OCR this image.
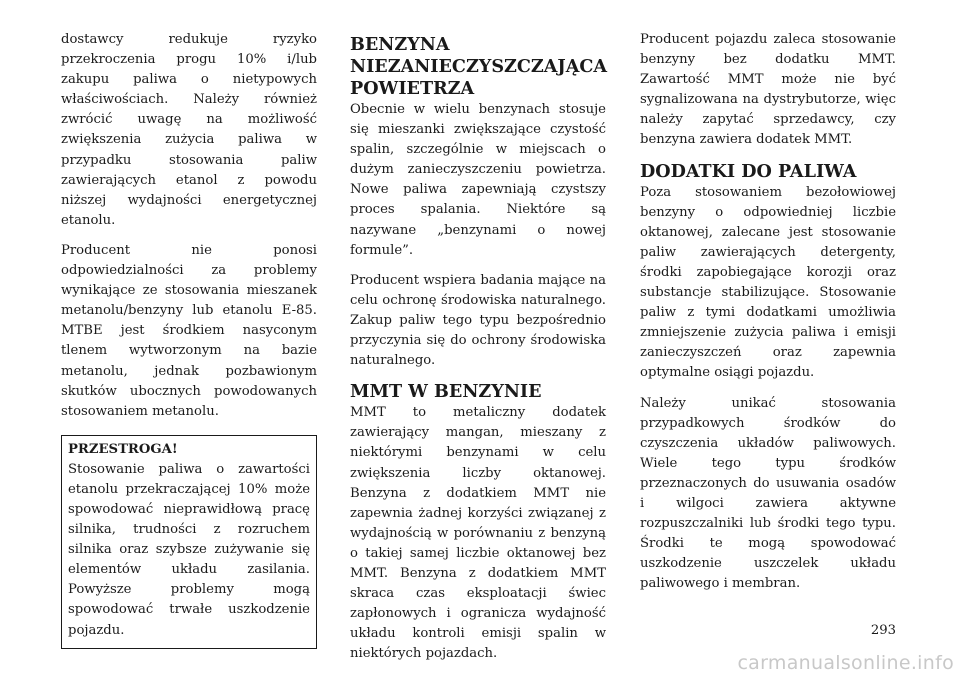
dostawcy redukuje ryzyko przekroczenia progu 10% i/lub zakupu paliwa o nietypowych właściwościach. Należy również zwrócić uwagę na możliwość zwiększenia zużycia paliwa w przypadku stosowania paliw zawierających etanol z powodu niższej wydajności energetycznej etanolu.

Producent nie ponosi odpowiedzialności za problemy wynikające ze stosowania mieszanek metanolu/benzyny lub etanolu E-85. MTBE jest środkiem nasyconym tlenem wytworzonym na bazie metanolu, jednak pozbawionym skutków ubocznych powodowanych stosowaniem metanolu.

PRZESTROGA!

Stosowanie paliwa o zawartości etanolu przekraczającej 10% może spowodować nieprawidłową pracę silnika, trudności z rozruchem silnika oraz szybsze zużywanie się elementów układu zasilania. Powyższe problemy mogą spowodować trwałe uszkodzenie pojazdu.

BENZYNA NIEZANIECZYSZCZAJĄCA POWIETRZA

Obecnie w wielu benzynach stosuje się mieszanki zwiększające czystość spalin, szczególnie w miejscach o dużym zanieczyszczeniu powietrza. Nowe paliwa zapewniają czystszy proces spalania. Niektóre są nazywane „benzynami o nowej formule”.

Producent wspiera badania mające na celu ochronę środowiska naturalnego. Zakup paliw tego typu bezpośrednio przyczynia się do ochrony środowiska naturalnego.

MMT W BENZYNIE

MMT to metaliczny dodatek zawierający mangan, mieszany z niektórymi benzynami w celu zwiększenia liczby oktanowej. Benzyna z dodatkiem MMT nie zapewnia żadnej korzyści związanej z wydajnością w porównaniu z benzyną o takiej samej liczbie oktanowej bez MMT. Benzyna z dodatkiem MMT skraca czas eksploatacji świec zapłonowych i ogranicza wydajność układu kontroli emisji spalin w niektórych pojazdach.

Producent pojazdu zaleca stosowanie benzyny bez dodatku MMT. Zawartość MMT może nie być sygnalizowana na dystrybutorze, więc należy zapytać sprzedawcy, czy benzyna zawiera dodatek MMT.

DODATKI DO PALIWA

Poza stosowaniem bezołowiowej benzyny o odpowiedniej liczbie oktanowej, zalecane jest stosowanie paliw zawierających detergenty, środki zapobiegające korozji oraz substancje stabilizujące. Stosowanie paliw z tymi dodatkami umożliwia zmniejszenie zużycia paliwa i emisji zanieczyszczeń oraz zapewnia optymalne osiągi pojazdu.

Należy unikać stosowania przypadkowych środków do czyszczenia układów paliwowych. Wiele tego typu środków przeznaczonych do usuwania osadów i wilgoci zawiera aktywne rozpuszczalniki lub środki tego typu. Środki te mogą spowodować uszkodzenie uszczelek układu paliwowego i membran.

293
carmanualsonline.info
